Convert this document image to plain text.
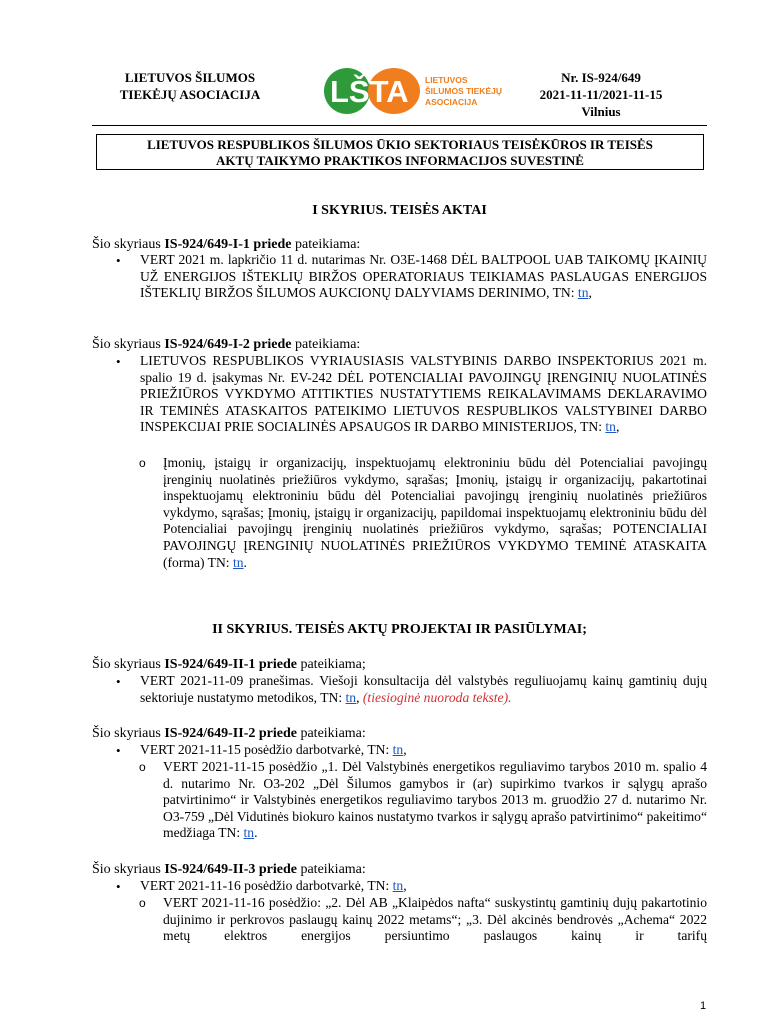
LIETUVOS ŠILUMOS
TIEKĖJŲ ASOCIACIJA	LŠTA LIETUVOS
ŠILUMOS TIEKĖJŲ
ASOCIACIJA
Nr. IS-924/649
2021-11-11/2021-11-15
Vilnius
LIETUVOS RESPUBLIKOS ŠILUMOS ŪKIO SEKTORIAUS TEISĖKŪROS IR TEISĖS
AKTŲ TAIKYMO PRAKTIKOS INFORMACIJOS SUVESTINĖ
I SKYRIUS. TEISĖS AKTAI
Šio skyriaus IS-924/649-I-1 priede pateikiama:
• VERT 2021 m. lapkričio 11 d. nutarimas Nr. O3E-1468 DĖL BALTPOOL UAB TAIKOMŲ ĮKAINIŲ UŽ ENERGIJOS IŠTEKLIŲ BIRŽOS OPERATORIAUS TEIKIAMAS PASLAUGAS ENERGIJOS IŠTEKLIŲ BIRŽOS ŠILUMOS AUKCIONŲ DALYVIAMS DERINIMO, TN: tn,
Šio skyriaus IS-924/649-I-2 priede pateikiama:
• LIETUVOS RESPUBLIKOS VYRIAUSIASIS VALSTYBINIS DARBO INSPEKTORIUS 2021 m. spalio 19 d. įsakymas Nr. EV-242 DĖL POTENCIALIAI PAVOJINGŲ ĮRENGINIŲ NUOLATINĖS PRIEŽIŪROS VYKDYMO ATITIKTIES NUSTATYTIEMS REIKALAVIMAMS DEKLARAVIMO IR TEMINĖS ATASKAITOS PATEIKIMO LIETUVOS RESPUBLIKOS VALSTYBINEI DARBO INSPEKCIJAI PRIE SOCIALINĖS APSAUGOS IR DARBO MINISTERIJOS, TN: tn,
o Įmonių, įstaigų ir organizacijų, inspektuojamų elektroniniu būdu dėl Potencialiai pavojingų įrenginių nuolatinės priežiūros vykdymo, sąrašas; Įmonių, įstaigų ir organizacijų, pakartotinai inspektuojamų elektroniniu būdu dėl Potencialiai pavojingų įrenginių nuolatinės priežiūros vykdymo, sąrašas; Įmonių, įstaigų ir organizacijų, papildomai inspektuojamų elektroniniu būdu dėl Potencialiai pavojingų įrenginių nuolatinės priežiūros vykdymo, sąrašas; POTENCIALIAI PAVOJINGŲ ĮRENGINIŲ NUOLATINĖS PRIEŽIŪROS VYKDYMO TEMINĖ ATASKAITA (forma) TN: tn.
II SKYRIUS. TEISĖS AKTŲ PROJEKTAI IR PASIŪLYMAI;
Šio skyriaus IS-924/649-II-1 priede pateikiama;
• VERT 2021-11-09 pranešimas. Viešoji konsultacija dėl valstybės reguliuojamų kainų gamtinių dujų sektoriuje nustatymo metodikos, TN: tn, (tiesioginė nuoroda tekste).
Šio skyriaus IS-924/649-II-2 priede pateikiama:
• VERT 2021-11-15 posėdžio darbotvarkė, TN: tn,
o VERT 2021-11-15 posėdžio „1. Dėl Valstybinės energetikos reguliavimo tarybos 2010 m. spalio 4 d. nutarimo Nr. O3-202 „Dėl Šilumos gamybos ir (ar) supirkimo tvarkos ir sąlygų aprašo patvirtinimo“ ir Valstybinės energetikos reguliavimo tarybos 2013 m. gruodžio 27 d. nutarimo Nr. O3-759 „Dėl Vidutinės biokuro kainos nustatymo tvarkos ir sąlygų aprašo patvirtinimo“ pakeitimo“ medžiaga TN: tn.
Šio skyriaus IS-924/649-II-3 priede pateikiama:
• VERT 2021-11-16 posėdžio darbotvarkė, TN: tn,
o VERT 2021-11-16 posėdžio: „2. Dėl AB „Klaipėdos nafta“ suskystintų gamtinių dujų pakartotinio dujinimo ir perkrovos paslaugų kainų 2022 metams“; „3. Dėl akcinės bendrovės „Achema“ 2022 metų elektros energijos persiuntimo paslaugos kainų ir tarifų
1
